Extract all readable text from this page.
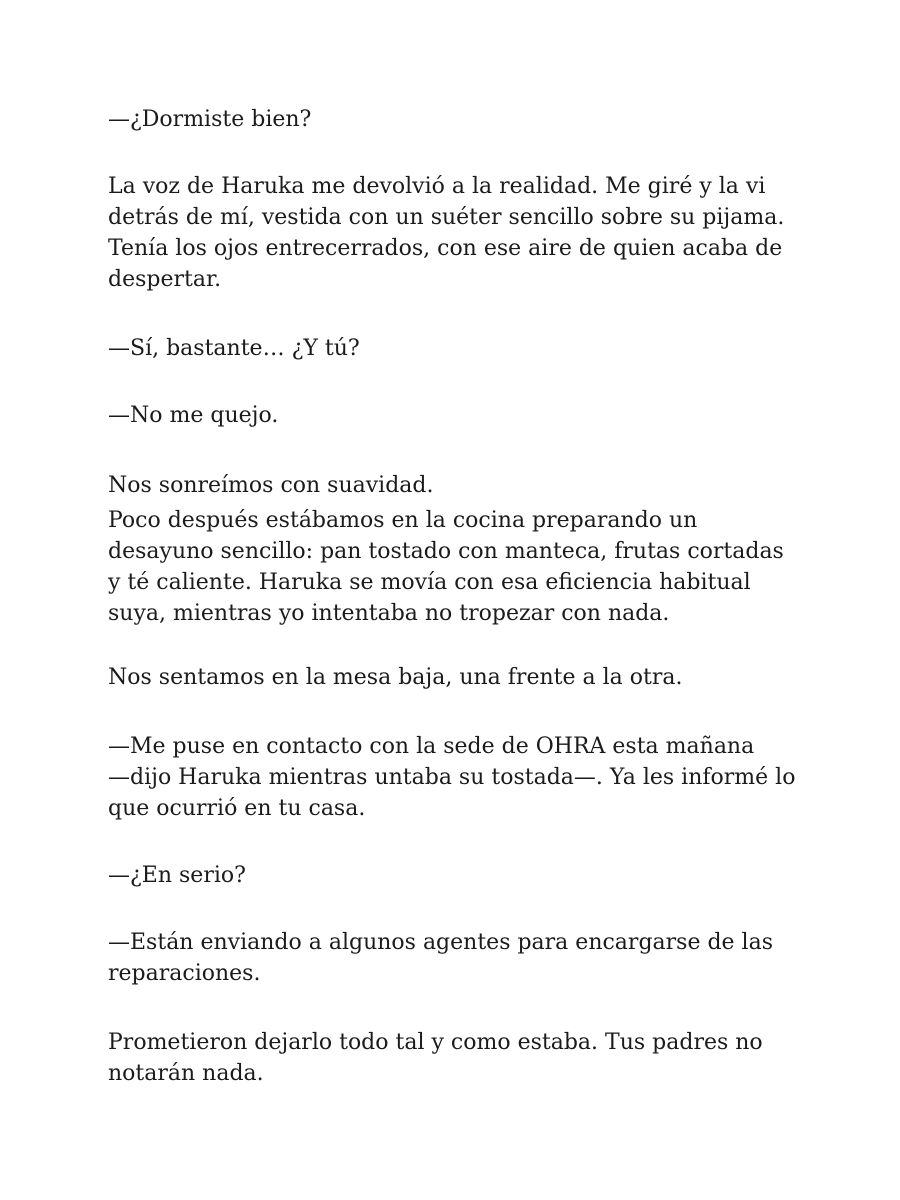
—¿Dormiste bien?

La voz de Haruka me devolvió a la realidad. Me giré y la vi
detrás de mí, vestida con un suéter sencillo sobre su pijama.
Tenía los ojos entrecerrados, con ese aire de quien acaba de
despertar.

—Sí, bastante… ¿Y tú?

—No me quejo.

Nos sonreímos con suavidad.

Poco después estábamos en la cocina preparando un
desayuno sencillo: pan tostado con manteca, frutas cortadas
y té caliente. Haruka se movía con esa eficiencia habitual
suya, mientras yo intentaba no tropezar con nada.

Nos sentamos en la mesa baja, una frente a la otra.

—Me puse en contacto con la sede de OHRA esta mañana
—dijo Haruka mientras untaba su tostada—. Ya les informé lo
que ocurrió en tu casa.

—¿En serio?

—Están enviando a algunos agentes para encargarse de las
reparaciones.

Prometieron dejarlo todo tal y como estaba. Tus padres no
notarán nada.
